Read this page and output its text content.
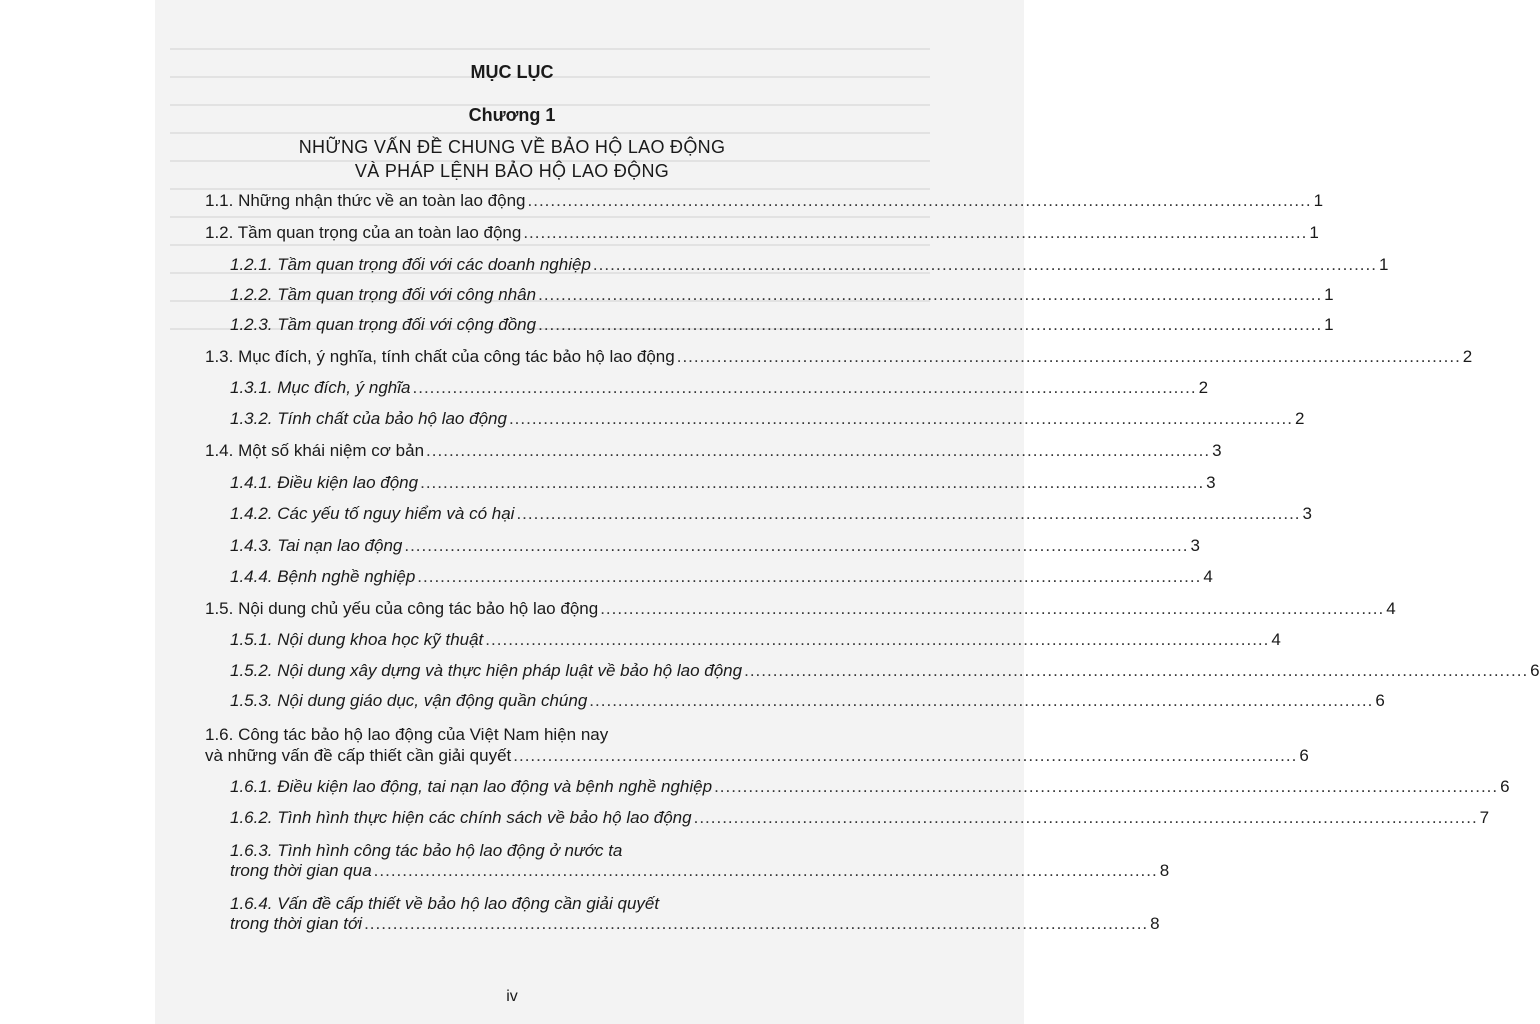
MỤC LỤC
Chương 1
NHỮNG VẤN ĐỀ CHUNG VỀ BẢO HỘ LAO ĐỘNG
VÀ PHÁP LỆNH BẢO HỘ LAO ĐỘNG
1.1. Những nhận thức về an toàn lao động ......................................................................................................................................... 1
1.2. Tầm quan trọng của an toàn lao động ......................................................................................................................................... 1
1.2.1. Tầm quan trọng đối với các doanh nghiệp ......................................................................................................................................... 1
1.2.2. Tầm quan trọng đối với công nhân ......................................................................................................................................... 1
1.2.3. Tầm quan trọng đối với cộng đồng ......................................................................................................................................... 1
1.3. Mục đích, ý nghĩa, tính chất của công tác bảo hộ lao động ......................................................................................................................................... 2
1.3.1. Mục đích, ý nghĩa ......................................................................................................................................... 2
1.3.2. Tính chất của bảo hộ lao động ......................................................................................................................................... 2
1.4. Một số khái niệm cơ bản ......................................................................................................................................... 3
1.4.1. Điều kiện lao động ......................................................................................................................................... 3
1.4.2. Các yếu tố nguy hiểm và có hại ......................................................................................................................................... 3
1.4.3. Tai nạn lao động ......................................................................................................................................... 3
1.4.4. Bệnh nghề nghiệp ......................................................................................................................................... 4
1.5. Nội dung chủ yếu của công tác bảo hộ lao động ......................................................................................................................................... 4
1.5.1. Nội dung khoa học kỹ thuật ......................................................................................................................................... 4
1.5.2. Nội dung xây dựng và thực hiện pháp luật về bảo hộ lao động ......................................................................................................................................... 6
1.5.3. Nội dung giáo dục, vận động quần chúng ......................................................................................................................................... 6
1.6. Công tác bảo hộ lao động của Việt Nam hiện nay
và những vấn đề cấp thiết cần giải quyết ......................................................................................................................................... 6
1.6.1. Điều kiện lao động, tai nạn lao động và bệnh nghề nghiệp ......................................................................................................................................... 6
1.6.2. Tình hình thực hiện các chính sách về bảo hộ lao động ......................................................................................................................................... 7
1.6.3. Tình hình công tác bảo hộ lao động ở nước ta
trong thời gian qua ......................................................................................................................................... 8
1.6.4. Vấn đề cấp thiết về bảo hộ lao động cần giải quyết
trong thời gian tới ......................................................................................................................................... 8
iv
